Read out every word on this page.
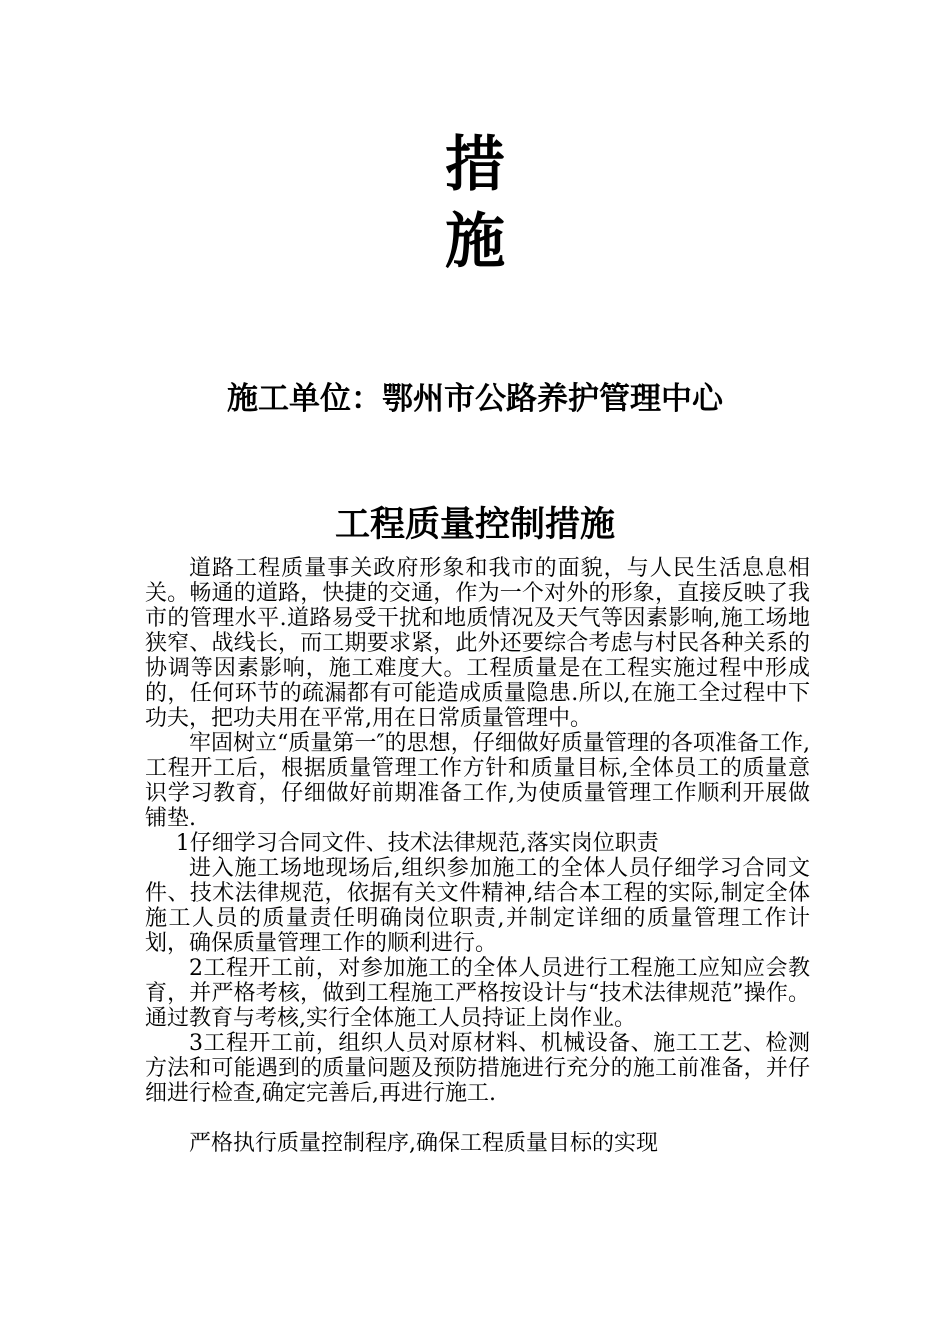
措
施
施工单位：鄂州市公路养护管理中心
工程质量控制措施

道路工程质量事关政府形象和我市的面貌，与人民生活息息相关。畅通的道路，快捷的交通，作为一个对外的形象，直接反映了我市的管理水平.道路易受干扰和地质情况及天气等因素影响,施工场地狭窄、战线长，而工期要求紧，此外还要综合考虑与村民各种关系的协调等因素影响，施工难度大。工程质量是在工程实施过程中形成的，任何环节的疏漏都有可能造成质量隐患.所以,在施工全过程中下功夫，把功夫用在平常,用在日常质量管理中。

牢固树立“质量第一″的思想，仔细做好质量管理的各项准备工作,工程开工后，根据质量管理工作方针和质量目标,全体员工的质量意识学习教育，仔细做好前期准备工作,为使质量管理工作顺利开展做铺垫.

1仔细学习合同文件、技术法律规范,落实岗位职责

进入施工场地现场后,组织参加施工的全体人员仔细学习合同文件、技术法律规范，依据有关文件精神,结合本工程的实际,制定全体施工人员的质量责任明确岗位职责,并制定详细的质量管理工作计划，确保质量管理工作的顺利进行。

2工程开工前，对参加施工的全体人员进行工程施工应知应会教育，并严格考核，做到工程施工严格按设计与“技术法律规范”操作。通过教育与考核,实行全体施工人员持证上岗作业。

3工程开工前，组织人员对原材料、机械设备、施工工艺、检测方法和可能遇到的质量问题及预防措施进行充分的施工前准备，并仔细进行检查,确定完善后,再进行施工.

严格执行质量控制程序,确保工程质量目标的实现
